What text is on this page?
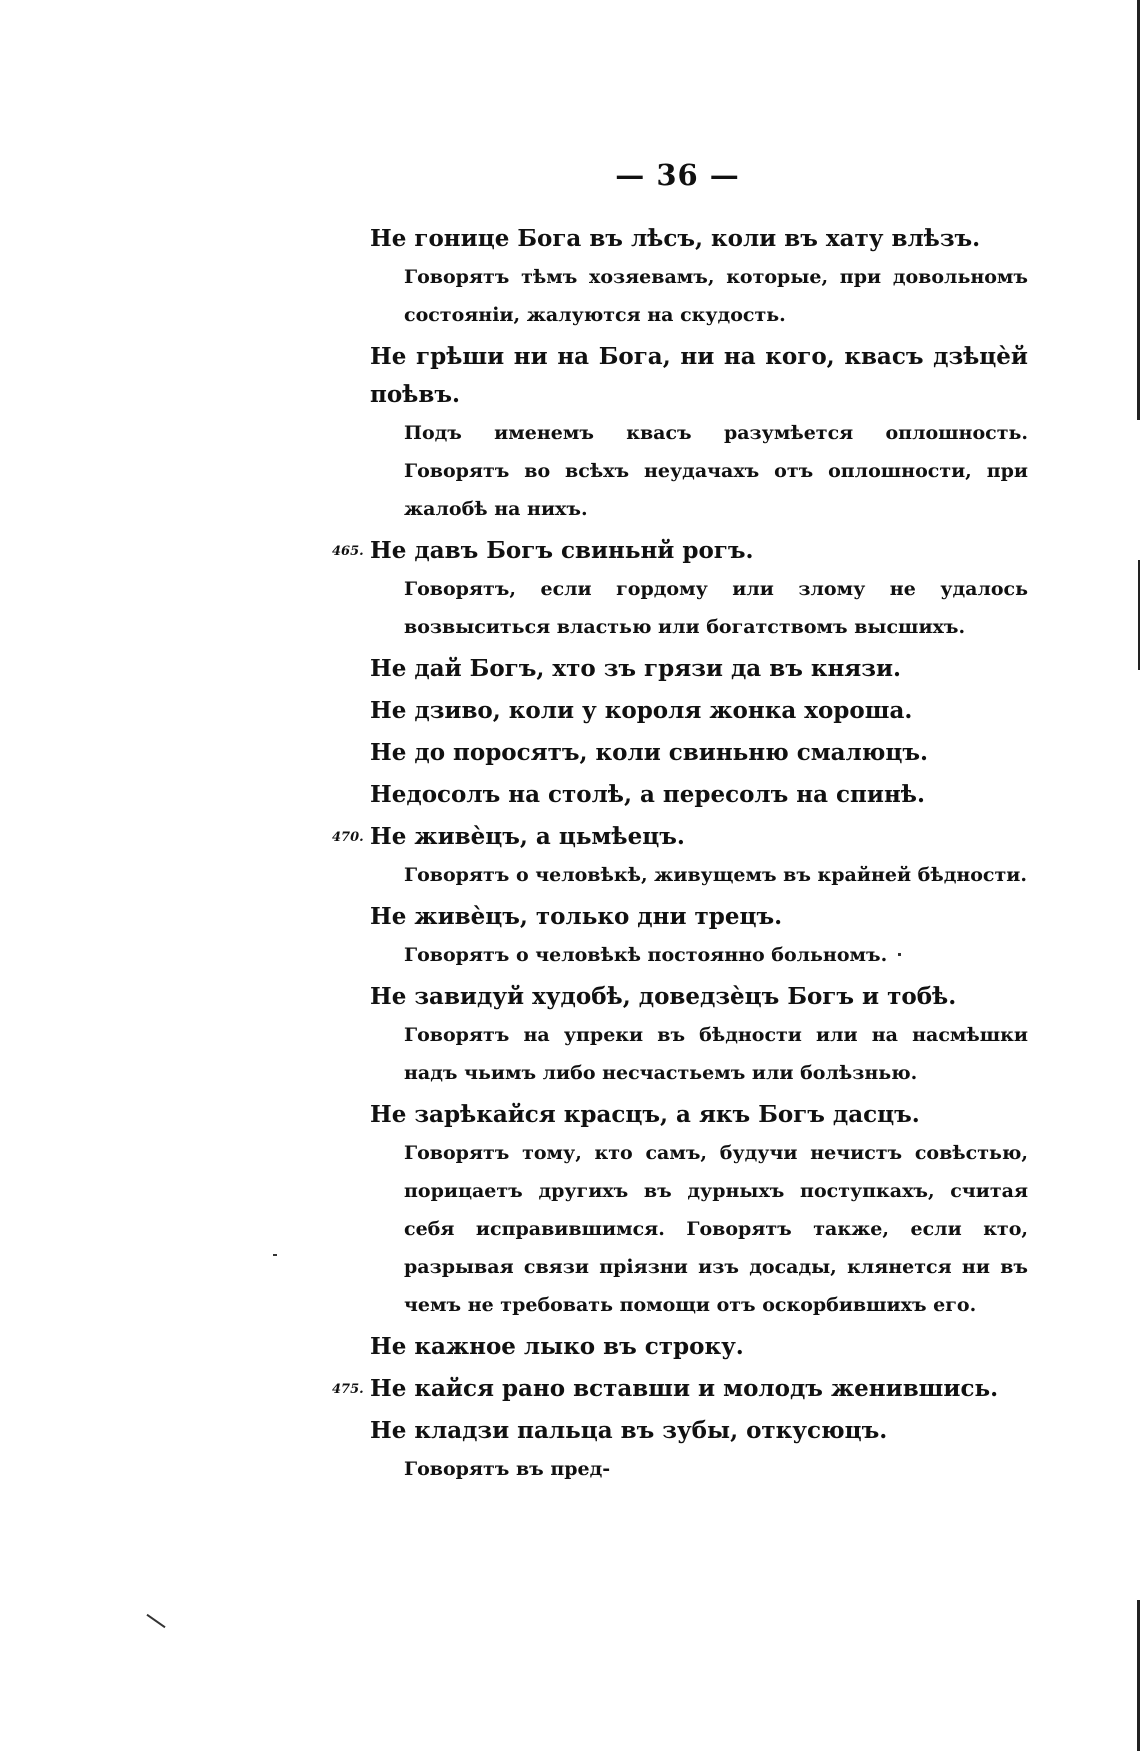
— 36 —
Не гонице Бога въ лѣсъ, коли въ хату влѣзъ.
Говорятъ тѣмъ хозяевамъ, которые, при довольномъ состоянiи, жалуются на скудость.
Не грѣши ни на Бога, ни на кого, квасъ дзѣцѐй поѣвъ.
Подъ именемъ квасъ разумѣется оплошность. Говорятъ во всѣхъ неудачахъ отъ оплошности, при жалобѣ на нихъ.
465. Не давъ Богъ свиньнй рогъ.
Говорятъ, если гордому или злому не удалось возвыситься властью или богатствомъ высшихъ.
Не дай Богъ, хто зъ грязи да въ князи.
Не дзиво, коли у короля жонка хороша.
Не до поросятъ, коли свиньню смалюцъ.
Недосолъ на столѣ, а пересолъ на спинѣ.
470. Не живѐцъ, а цьмѣецъ.
Говорятъ о человѣкѣ, живущемъ въ крайней бѣдности.
Не живѐцъ, только дни трецъ.
Говорятъ о человѣкѣ постоянно больномъ.
Не завидуй худобѣ, доведзѐцъ Богъ и тобѣ.
Говорятъ на упреки въ бѣдности или на насмѣшки надъ чьимъ либо несчастьемъ или болѣзнью.
Не зарѣкайся красцъ, а якъ Богъ дасцъ.
Говорятъ тому, кто самъ, будучи нечистъ совѣстью, порицаетъ другихъ въ дурныхъ поступкахъ, считая себя исправившимся. Говорятъ также, если кто, разрывая связи прiязни изъ досады, клянется ни въ чемъ не требовать помощи отъ оскорбившихъ его.
Не кажное лыко въ строку.
475. Не кайся рано вставши и молодъ женившись.
Не кладзи пальца въ зубы, откусюцъ.
Говорятъ въ пред-
